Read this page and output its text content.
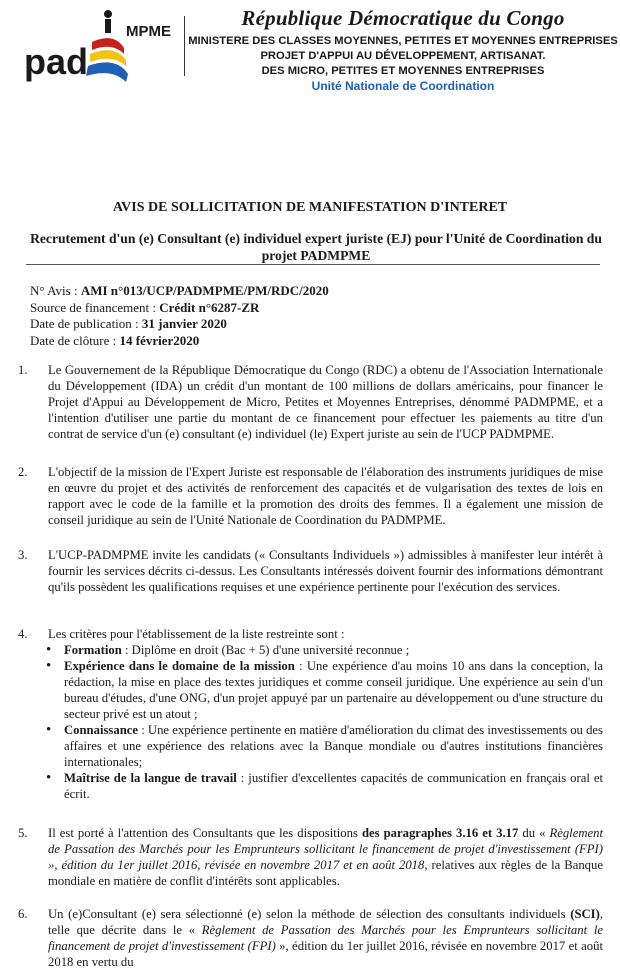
pad
MPME
République Démocratique du Congo
MINISTERE DES CLASSES MOYENNES, PETITES ET MOYENNES ENTREPRISES
PROJET D'APPUI AU DÉVELOPPEMENT, ARTISANAT.
DES MICRO, PETITES ET MOYENNES ENTREPRISES
Unité Nationale de Coordination
AVIS DE SOLLICITATION DE MANIFESTATION D'INTERET
Recrutement d'un (e) Consultant (e) individuel expert juriste (EJ) pour l'Unité de Coordination du projet PADMPME
N° Avis : AMI n°013/UCP/PADMPME/PM/RDC/2020
Source de financement : Crédit n°6287-ZR
Date de publication : 31 janvier 2020
Date de clôture : 14 février2020
1.	Le Gouvernement de la République Démocratique du Congo (RDC) a obtenu de l'Association Internationale du Développement (IDA) un crédit d'un montant de 100 millions de dollars américains, pour financer le Projet d'Appui au Développement de Micro, Petites et Moyennes Entreprises, dénommé PADMPME, et a l'intention d'utiliser une partie du montant de ce financement pour effectuer les paiements au titre d'un contrat de service d'un (e) consultant (e) individuel (le) Expert juriste au sein de l'UCP PADMPME.
2.	L'objectif de la mission de l'Expert Juriste est responsable de l'élaboration des instruments juridiques de mise en œuvre du projet et des activités de renforcement des capacités et de vulgarisation des textes de lois en rapport avec le code de la famille et la promotion des droits des femmes. Il a également une mission de conseil juridique au sein de l'Unité Nationale de Coordination du PADMPME.
3.	L'UCP-PADMPME invite les candidats (« Consultants Individuels ») admissibles à manifester leur intérêt à fournir les services décrits ci-dessus. Les Consultants intéressés doivent fournir des informations démontrant qu'ils possèdent les qualifications requises et une expérience pertinente pour l'exécution des services.
4.	Les critères pour l'établissement de la liste restreinte sont :
• Formation : Diplôme en droit (Bac + 5) d'une université reconnue ;
• Expérience dans le domaine de la mission : Une expérience d'au moins 10 ans dans la conception, la rédaction, la mise en place des textes juridiques et comme conseil juridique. Une expérience au sein d'un bureau d'études, d'une ONG, d'un projet appuyé par un partenaire au développement ou d'une structure du secteur privé est un atout ;
• Connaissance : Une expérience pertinente en matière d'amélioration du climat des investissements ou des affaires et une expérience des relations avec la Banque mondiale ou d'autres institutions financières internationales;
• Maîtrise de la langue de travail : justifier d'excellentes capacités de communication en français oral et écrit.
5.	Il est porté à l'attention des Consultants que les dispositions des paragraphes 3.16 et 3.17 du « Règlement de Passation des Marchés pour les Emprunteurs sollicitant le financement de projet d'investissement (FPI) », édition du 1er juillet 2016, révisée en novembre 2017 et en août 2018, relatives aux règles de la Banque mondiale en matière de conflit d'intérêts sont applicables.
6.	Un (e)Consultant (e) sera sélectionné (e) selon la méthode de sélection des consultants individuels (SCI), telle que décrite dans le « Règlement de Passation des Marchés pour les Emprunteurs sollicitant le financement de projet d'investissement (FPI) », édition du 1er juillet 2016, révisée en novembre 2017 et août 2018 en vertu du
